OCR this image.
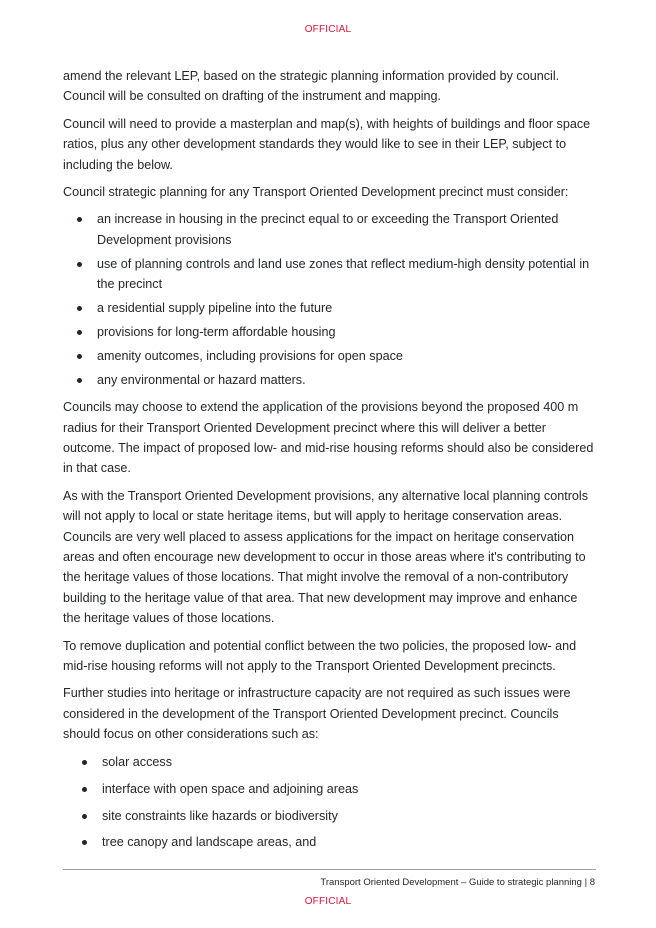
OFFICIAL

amend the relevant LEP, based on the strategic planning information provided by council. Council will be consulted on drafting of the instrument and mapping.

Council will need to provide a masterplan and map(s), with heights of buildings and floor space ratios, plus any other development standards they would like to see in their LEP, subject to including the below.

Council strategic planning for any Transport Oriented Development precinct must consider:

an increase in housing in the precinct equal to or exceeding the Transport Oriented Development provisions
use of planning controls and land use zones that reflect medium-high density potential in the precinct
a residential supply pipeline into the future
provisions for long-term affordable housing
amenity outcomes, including provisions for open space
any environmental or hazard matters.

Councils may choose to extend the application of the provisions beyond the proposed 400 m radius for their Transport Oriented Development precinct where this will deliver a better outcome. The impact of proposed low- and mid-rise housing reforms should also be considered in that case.

As with the Transport Oriented Development provisions, any alternative local planning controls will not apply to local or state heritage items, but will apply to heritage conservation areas. Councils are very well placed to assess applications for the impact on heritage conservation areas and often encourage new development to occur in those areas where it's contributing to the heritage values of those locations. That might involve the removal of a non-contributory building to the heritage value of that area. That new development may improve and enhance the heritage values of those locations.

To remove duplication and potential conflict between the two policies, the proposed low- and mid-rise housing reforms will not apply to the Transport Oriented Development precincts.

Further studies into heritage or infrastructure capacity are not required as such issues were considered in the development of the Transport Oriented Development precinct. Councils should focus on other considerations such as:

solar access
interface with open space and adjoining areas
site constraints like hazards or biodiversity
tree canopy and landscape areas, and
Transport Oriented Development – Guide to strategic planning | 8
OFFICIAL
